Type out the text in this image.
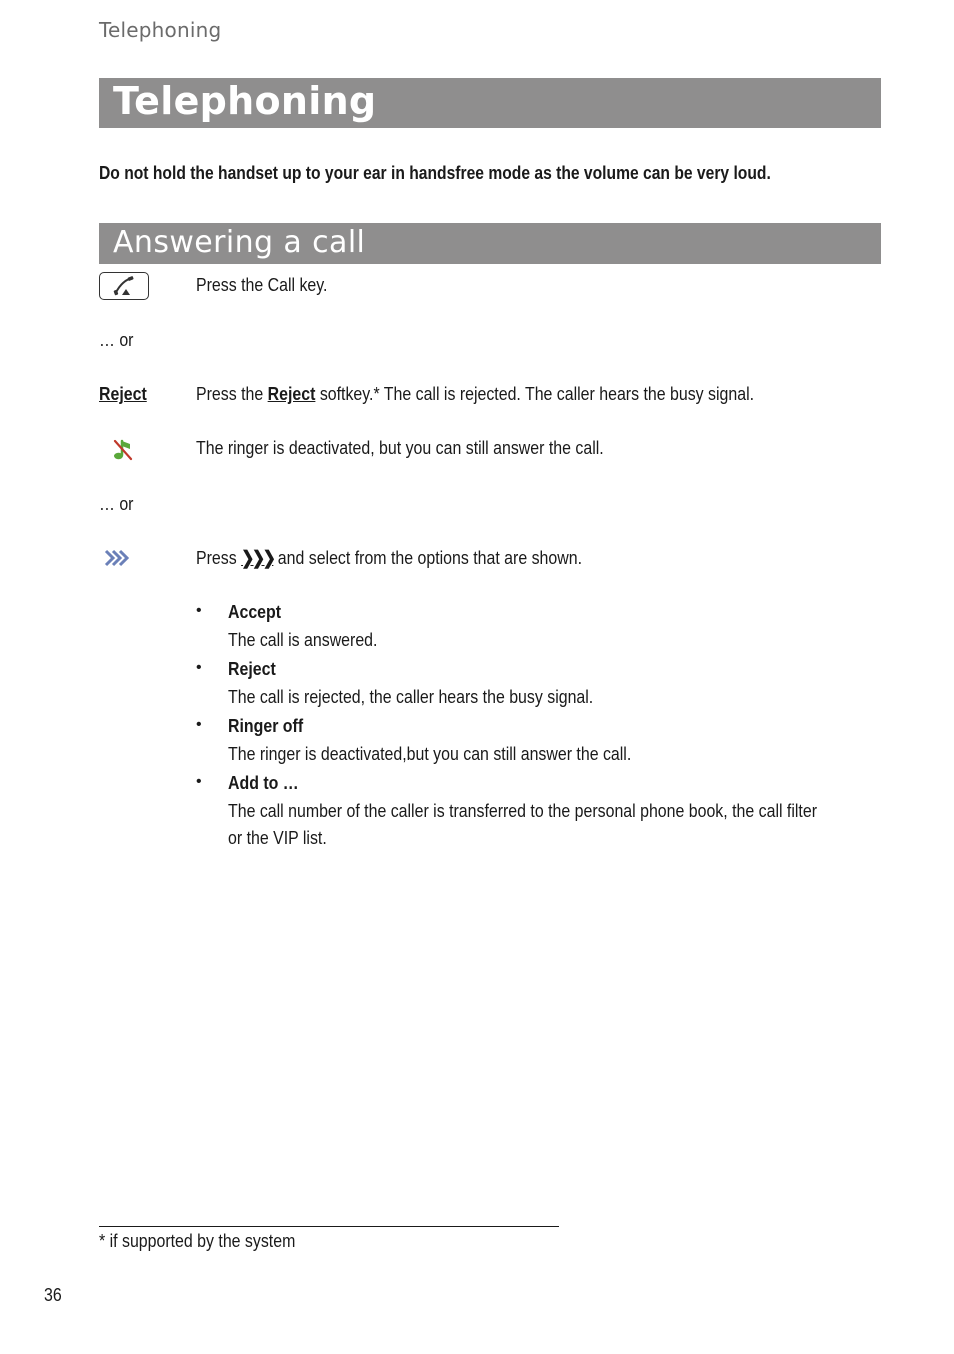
Telephoning
Telephoning
Do not hold the handset up to your ear in handsfree mode as the volume can be very loud.
Answering a call
Press the Call key.
… or
Reject	Press the Reject softkey.* The call is rejected. The caller hears the busy signal.
The ringer is deactivated, but you can still answer the call.
… or
Press ❯❯❯ and select from the options that are shown.
• Accept
The call is answered.
• Reject
The call is rejected, the caller hears the busy signal.
• Ringer off
The ringer is deactivated,but you can still answer the call.
• Add to …
The call number of the caller is transferred to the personal phone book, the call filter
or the VIP list.
* if supported by the system
36
